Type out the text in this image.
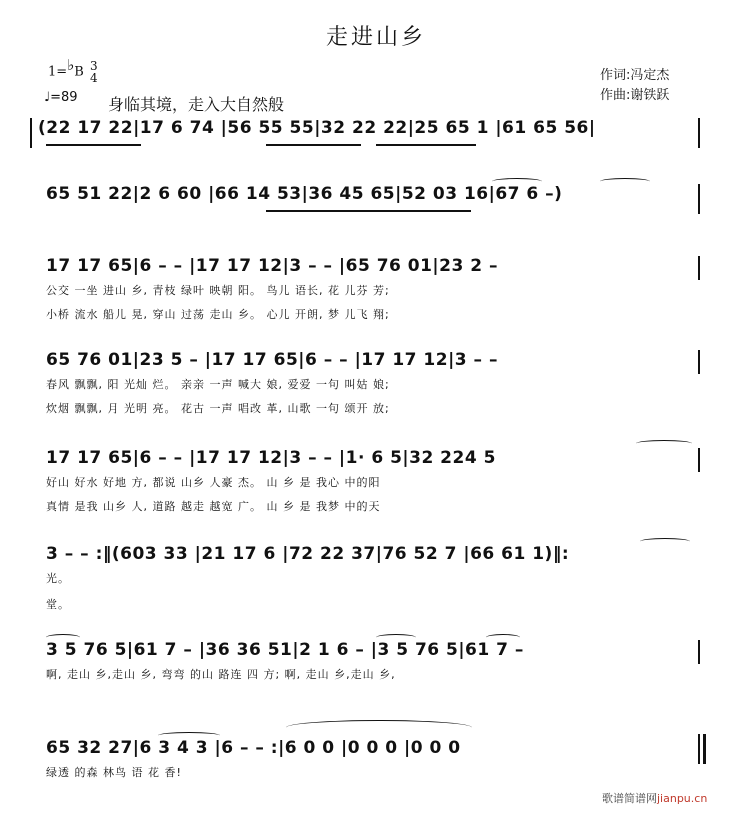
走进山乡
1=♭B 3
4
♩=89 身临其境，走入大自然般
作词:冯定杰
作曲:谢铁跃
(22 17 22|17 6 74 |56 55 55|32 22 22|25 65 1 |61 65 56|
65 51 22|2 6 60 |66 14 53|36 45 65|52 03 16|67 6 –)
17 17 65|6 – – |17 17 12|3 – – |65 76 01|23 2 –
公交 一坐 进山 乡, 青枝 绿叶 映朝 阳。 鸟儿 语长, 花 儿芬 芳;
小桥 流水 船儿 晃, 穿山 过荡 走山 乡。 心儿 开朗, 梦 儿飞 翔;
65 76 01|23 5 – |17 17 65|6 – – |17 17 12|3 – –
春风 飘飘, 阳 光灿 烂。 亲亲 一声 喊大 娘, 爱爱 一句 叫姑 娘;
炊烟 飘飘, 月 光明 亮。 花古 一声 唱改 革, 山歌 一句 颂开 放;
17 17 65|6 – – |17 17 12|3 – – |1· 6 5|32 224 5
好山 好水 好地 方, 都说 山乡 人豪 杰。 山 乡 是 我心 中的阳
真情 是我 山乡 人, 道路 越走 越宽 广。 山 乡 是 我梦 中的天
3 – – :‖(603 33 |21 17 6 |72 22 37|76 52 7 |66 61 1)‖:
光。
堂。
3 5 76 5|61 7 – |36 36 51|2 1 6 – |3 5 76 5|61 7 –
啊, 走山 乡,走山 乡, 弯弯 的山 路连 四 方; 啊, 走山 乡,走山 乡,
65 32 27|6 3 4 3 |6 – – :|6 0 0 |0 0 0 |0 0 0
绿透 的森 林鸟 语 花 香!
歌谱简谱网jianpu.cn
